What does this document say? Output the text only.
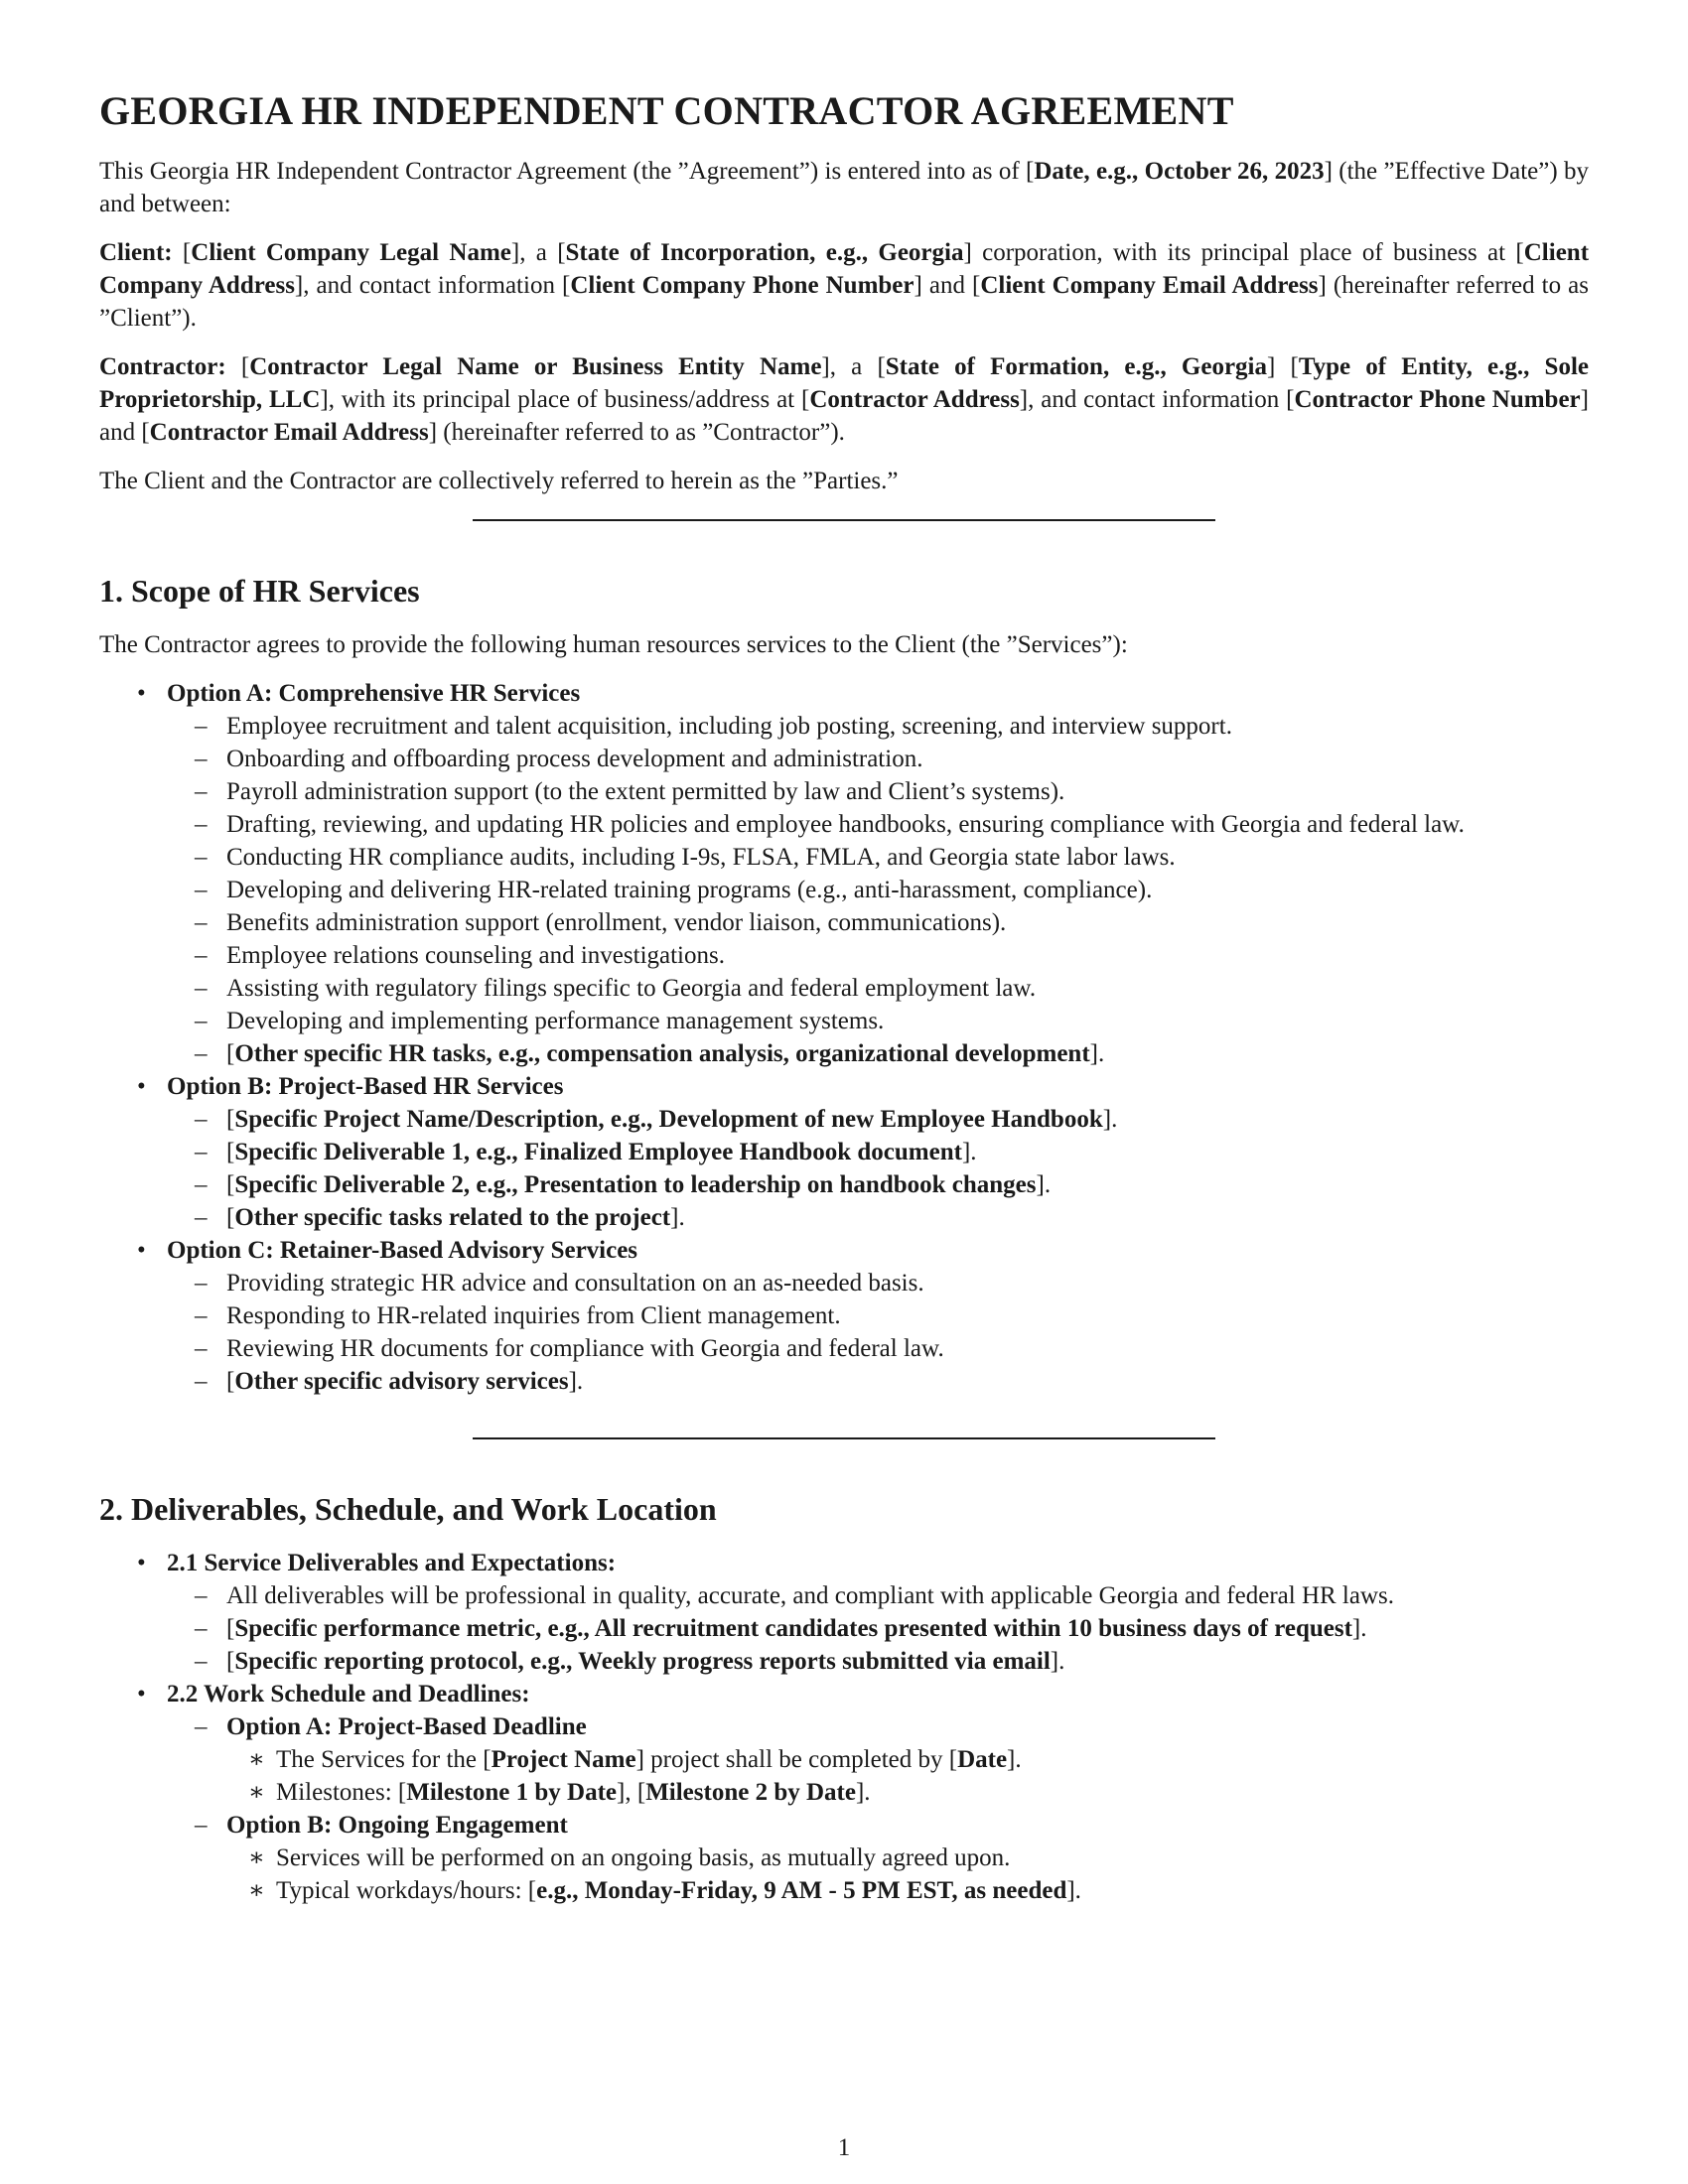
GEORGIA HR INDEPENDENT CONTRACTOR AGREEMENT

This Georgia HR Independent Contractor Agreement (the ”Agreement”) is entered into as of [Date, e.g., October 26, 2023] (the ”Effective Date”) by and between:

Client: [Client Company Legal Name], a [State of Incorporation, e.g., Georgia] corporation, with its principal place of business at [Client Company Address], and contact information [Client Company Phone Number] and [Client Company Email Address] (hereinafter referred to as ”Client”).

Contractor: [Contractor Legal Name or Business Entity Name], a [State of Formation, e.g., Georgia] [Type of Entity, e.g., Sole Proprietorship, LLC], with its principal place of business/address at [Contractor Address], and contact information [Contractor Phone Number] and [Contractor Email Address] (hereinafter referred to as ”Contractor”).

The Client and the Contractor are collectively referred to herein as the ”Parties.”

1. Scope of HR Services

The Contractor agrees to provide the following human resources services to the Client (the ”Services”):

• Option A: Comprehensive HR Services
– Employee recruitment and talent acquisition, including job posting, screening, and interview support.
– Onboarding and offboarding process development and administration.
– Payroll administration support (to the extent permitted by law and Client’s systems).
– Drafting, reviewing, and updating HR policies and employee handbooks, ensuring compliance with Georgia and federal law.
– Conducting HR compliance audits, including I-9s, FLSA, FMLA, and Georgia state labor laws.
– Developing and delivering HR-related training programs (e.g., anti-harassment, compliance).
– Benefits administration support (enrollment, vendor liaison, communications).
– Employee relations counseling and investigations.
– Assisting with regulatory filings specific to Georgia and federal employment law.
– Developing and implementing performance management systems.
– [Other specific HR tasks, e.g., compensation analysis, organizational development].
• Option B: Project-Based HR Services
– [Specific Project Name/Description, e.g., Development of new Employee Handbook].
– [Specific Deliverable 1, e.g., Finalized Employee Handbook document].
– [Specific Deliverable 2, e.g., Presentation to leadership on handbook changes].
– [Other specific tasks related to the project].
• Option C: Retainer-Based Advisory Services
– Providing strategic HR advice and consultation on an as-needed basis.
– Responding to HR-related inquiries from Client management.
– Reviewing HR documents for compliance with Georgia and federal law.
– [Other specific advisory services].
2. Deliverables, Schedule, and Work Location
• 2.1 Service Deliverables and Expectations:
– All deliverables will be professional in quality, accurate, and compliant with applicable Georgia and federal HR laws.
– [Specific performance metric, e.g., All recruitment candidates presented within 10 business days of request].
– [Specific reporting protocol, e.g., Weekly progress reports submitted via email].
• 2.2 Work Schedule and Deadlines:
– Option A: Project-Based Deadline
∗ The Services for the [Project Name] project shall be completed by [Date].
∗ Milestones: [Milestone 1 by Date], [Milestone 2 by Date].
– Option B: Ongoing Engagement
∗ Services will be performed on an ongoing basis, as mutually agreed upon.
∗ Typical workdays/hours: [e.g., Monday-Friday, 9 AM - 5 PM EST, as needed].
1
